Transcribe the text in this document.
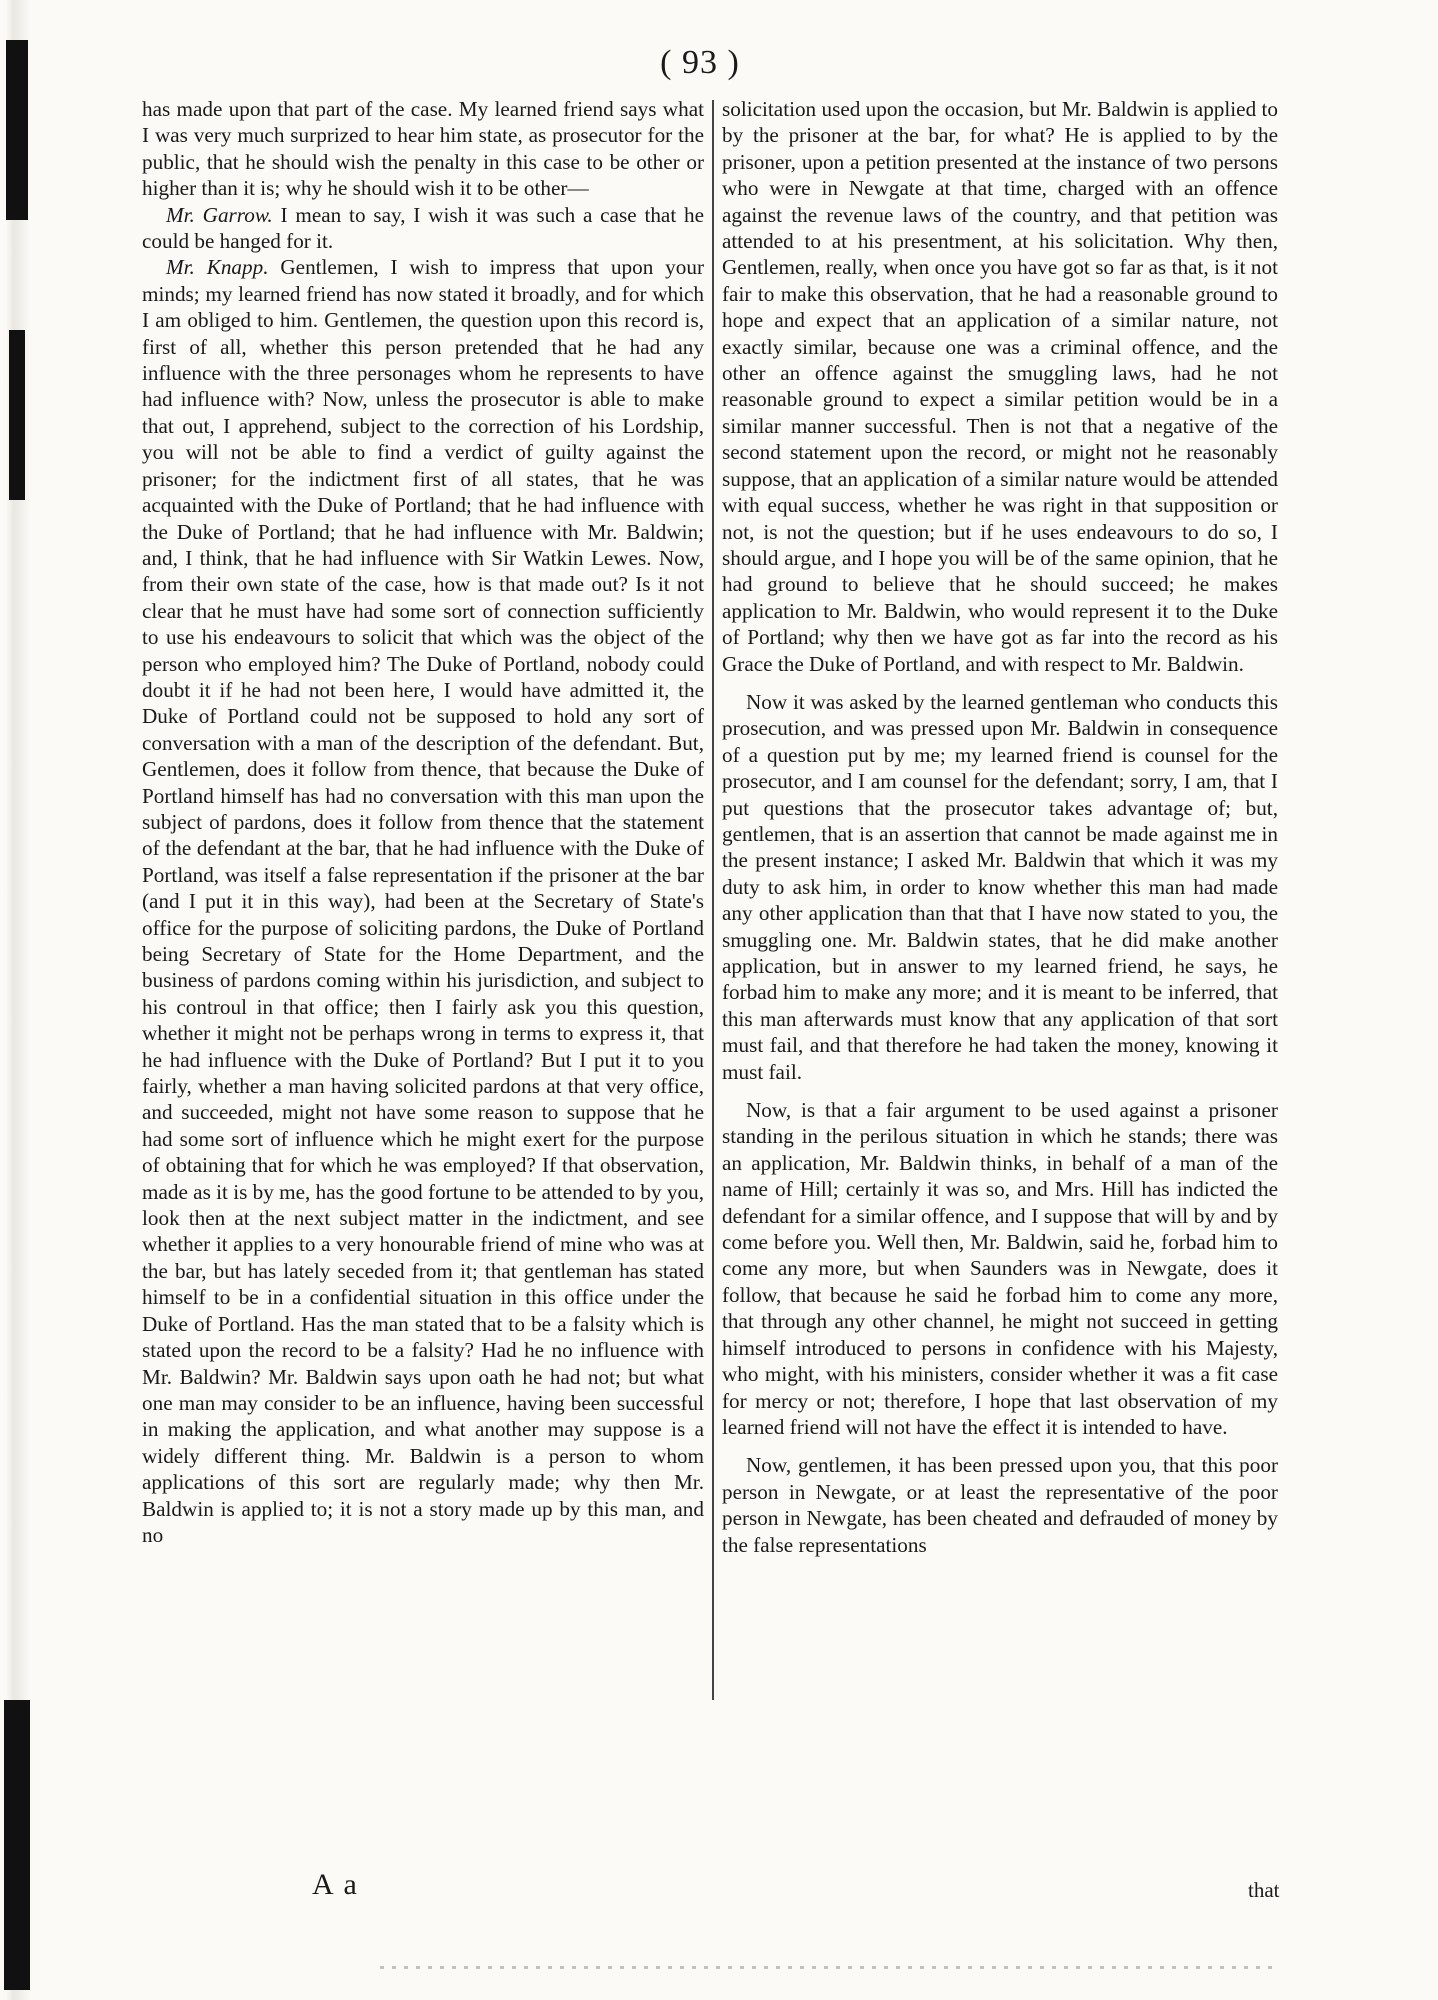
( 93 )

has made upon that part of the case. My learned friend says what I was very much surprized to hear him state, as prosecutor for the public, that he should wish the penalty in this case to be other or higher than it is; why he should wish it to be other—

Mr. Garrow. I mean to say, I wish it was such a case that he could be hanged for it.

Mr. Knapp. Gentlemen, I wish to impress that upon your minds; my learned friend has now stated it broadly, and for which I am obliged to him. Gentlemen, the question upon this record is, first of all, whether this person pretended that he had any influence with the three personages whom he represents to have had influence with? Now, unless the prosecutor is able to make that out, I apprehend, subject to the correction of his Lordship, you will not be able to find a verdict of guilty against the prisoner; for the indictment first of all states, that he was acquainted with the Duke of Portland; that he had influence with the Duke of Portland; that he had influence with Mr. Baldwin; and, I think, that he had influence with Sir Watkin Lewes. Now, from their own state of the case, how is that made out? Is it not clear that he must have had some sort of connection sufficiently to use his endeavours to solicit that which was the object of the person who employed him? The Duke of Portland, nobody could doubt it if he had not been here, I would have admitted it, the Duke of Portland could not be supposed to hold any sort of conversation with a man of the description of the defendant. But, Gentlemen, does it follow from thence, that because the Duke of Portland himself has had no conversation with this man upon the subject of pardons, does it follow from thence that the statement of the defendant at the bar, that he had influence with the Duke of Portland, was itself a false representation if the prisoner at the bar (and I put it in this way), had been at the Secretary of State's office for the purpose of soliciting pardons, the Duke of Portland being Secretary of State for the Home Department, and the business of pardons coming within his jurisdiction, and subject to his controul in that office; then I fairly ask you this question, whether it might not be perhaps wrong in terms to express it, that he had influence with the Duke of Portland? But I put it to you fairly, whether a man having solicited pardons at that very office, and succeeded, might not have some reason to suppose that he had some sort of influence which he might exert for the purpose of obtaining that for which he was employed? If that observation, made as it is by me, has the good fortune to be attended to by you, look then at the next subject matter in the indictment, and see whether it applies to a very honourable friend of mine who was at the bar, but has lately seceded from it; that gentleman has stated himself to be in a confidential situation in this office under the Duke of Portland. Has the man stated that to be a falsity which is stated upon the record to be a falsity? Had he no influence with Mr. Baldwin? Mr. Baldwin says upon oath he had not; but what one man may consider to be an influence, having been successful in making the application, and what another may suppose is a widely different thing. Mr. Baldwin is a person to whom applications of this sort are regularly made; why then Mr. Baldwin is applied to; it is not a story made up by this man, and no

solicitation used upon the occasion, but Mr. Baldwin is applied to by the prisoner at the bar, for what? He is applied to by the prisoner, upon a petition presented at the instance of two persons who were in Newgate at that time, charged with an offence against the revenue laws of the country, and that petition was attended to at his presentment, at his solicitation. Why then, Gentlemen, really, when once you have got so far as that, is it not fair to make this observation, that he had a reasonable ground to hope and expect that an application of a similar nature, not exactly similar, because one was a criminal offence, and the other an offence against the smuggling laws, had he not reasonable ground to expect a similar petition would be in a similar manner successful. Then is not that a negative of the second statement upon the record, or might not he reasonably suppose, that an application of a similar nature would be attended with equal success, whether he was right in that supposition or not, is not the question; but if he uses endeavours to do so, I should argue, and I hope you will be of the same opinion, that he had ground to believe that he should succeed; he makes application to Mr. Baldwin, who would represent it to the Duke of Portland; why then we have got as far into the record as his Grace the Duke of Portland, and with respect to Mr. Baldwin.

Now it was asked by the learned gentleman who conducts this prosecution, and was pressed upon Mr. Baldwin in consequence of a question put by me; my learned friend is counsel for the prosecutor, and I am counsel for the defendant; sorry, I am, that I put questions that the prosecutor takes advantage of; but, gentlemen, that is an assertion that cannot be made against me in the present instance; I asked Mr. Baldwin that which it was my duty to ask him, in order to know whether this man had made any other application than that that I have now stated to you, the smuggling one. Mr. Baldwin states, that he did make another application, but in answer to my learned friend, he says, he forbad him to make any more; and it is meant to be inferred, that this man afterwards must know that any application of that sort must fail, and that therefore he had taken the money, knowing it must fail.

Now, is that a fair argument to be used against a prisoner standing in the perilous situation in which he stands; there was an application, Mr. Baldwin thinks, in behalf of a man of the name of Hill; certainly it was so, and Mrs. Hill has indicted the defendant for a similar offence, and I suppose that will by and by come before you. Well then, Mr. Baldwin, said he, forbad him to come any more, but when Saunders was in Newgate, does it follow, that because he said he forbad him to come any more, that through any other channel, he might not succeed in getting himself introduced to persons in confidence with his Majesty, who might, with his ministers, consider whether it was a fit case for mercy or not; therefore, I hope that last observation of my learned friend will not have the effect it is intended to have.

Now, gentlemen, it has been pressed upon you, that this poor person in Newgate, or at least the representative of the poor person in Newgate, has been cheated and defrauded of money by the false representations

A a	that
